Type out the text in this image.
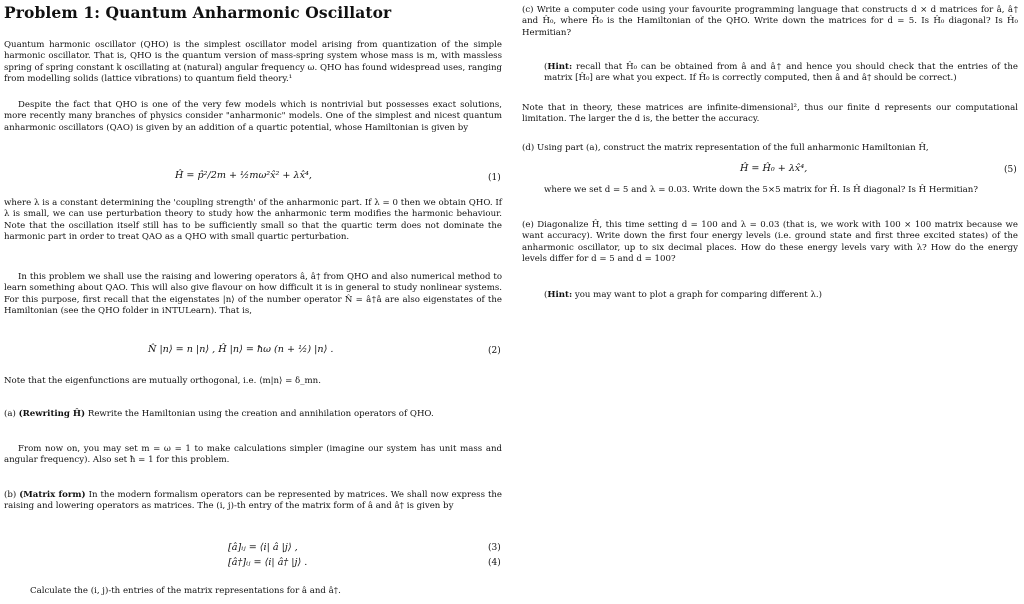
Problem 1: Quantum Anharmonic Oscillator
Quantum harmonic oscillator (QHO) is the simplest oscillator model arising from quantization of the simple harmonic oscillator. That is, QHO is the quantum version of mass-spring system whose mass is m, with massless spring of spring constant k oscillating at (natural) angular frequency ω. QHO has found widespread uses, ranging from modelling solids (lattice vibrations) to quantum field theory.¹
Despite the fact that QHO is one of the very few models which is nontrivial but possesses exact solutions, more recently many branches of physics consider "anharmonic" models. One of the simplest and nicest quantum anharmonic oscillators (QAO) is given by an addition of a quartic potential, whose Hamiltonian is given by
Ĥ = p̂²/2m + ½mω²x̂² + λx̂⁴,	(1)
where λ is a constant determining the 'coupling strength' of the anharmonic part. If λ = 0 then we obtain QHO. If λ is small, we can use perturbation theory to study how the anharmonic term modifies the harmonic behaviour. Note that the oscillation itself still has to be sufficiently small so that the quartic term does not dominate the harmonic part in order to treat QAO as a QHO with small quartic perturbation.
In this problem we shall use the raising and lowering operators â, â† from QHO and also numerical method to learn something about QAO. This will also give flavour on how difficult it is in general to study nonlinear systems. For this purpose, first recall that the eigenstates |n⟩ of the number operator N̂ = â†â are also eigenstates of the Hamiltonian (see the QHO folder in iNTULearn). That is,
N̂ |n⟩ = n |n⟩ , Ĥ |n⟩ = ħω (n + ½) |n⟩ .	(2)
Note that the eigenfunctions are mutually orthogonal, i.e. ⟨m|n⟩ = δ_mn.
(a) (Rewriting Ĥ) Rewrite the Hamiltonian using the creation and annihilation operators of QHO.
From now on, you may set m = ω = 1 to make calculations simpler (imagine our system has unit mass and angular frequency). Also set ħ = 1 for this problem.
(b) (Matrix form) In the modern formalism operators can be represented by matrices. We shall now express the raising and lowering operators as matrices. The (i, j)-th entry of the matrix form of â and â† is given by
[â]ᵢⱼ = ⟨i| â |j⟩ ,	(3)
[â†]ᵢⱼ = ⟨i| â† |j⟩ .	(4)
Calculate the (i, j)-th entries of the matrix representations for â and â†.
(c) Write a computer code using your favourite programming language that constructs d × d matrices for â, â† and Ĥ₀, where Ĥ₀ is the Hamiltonian of the QHO. Write down the matrices for d = 5. Is Ĥ₀ diagonal? Is Ĥ₀ Hermitian?
(Hint: recall that Ĥ₀ can be obtained from â and â† and hence you should check that the entries of the matrix [Ĥ₀] are what you expect. If Ĥ₀ is correctly computed, then â and â† should be correct.)
Note that in theory, these matrices are infinite-dimensional², thus our finite d represents our computational limitation. The larger the d is, the better the accuracy.
(d) Using part (a), construct the matrix representation of the full anharmonic Hamiltonian Ĥ,
Ĥ = Ĥ₀ + λx̂⁴,	(5)
where we set d = 5 and λ = 0.03. Write down the 5×5 matrix for Ĥ. Is Ĥ diagonal? Is Ĥ Hermitian?
(e) Diagonalize Ĥ, this time setting d = 100 and λ = 0.03 (that is, we work with 100 × 100 matrix because we want accuracy). Write down the first four energy levels (i.e. ground state and first three excited states) of the anharmonic oscillator, up to six decimal places. How do these energy levels vary with λ? How do the energy levels differ for d = 5 and d = 100?
(Hint: you may want to plot a graph for comparing different λ.)
